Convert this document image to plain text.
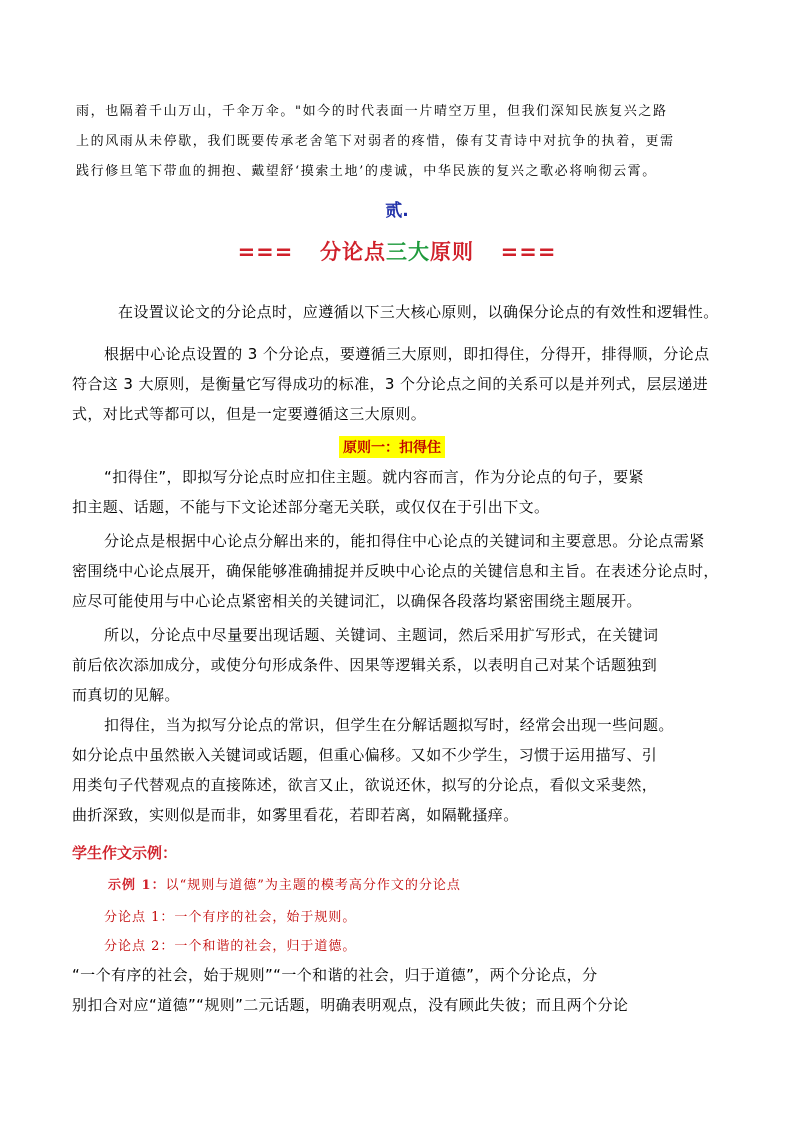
雨，也隔着千山万山，千伞万伞。"如今的时代表面一片晴空万里，但我们深知民族复兴之路
上的风雨从未停歇，我们既要传承老舍笔下对弱者的疼惜，傣有艾青诗中对抗争的执着，更需
践行修旦笔下带血的拥抱、戴望舒‘摸索土地’的虔诚，中华民族的复兴之歌必将响彻云霄。
贰.
=== 分论点三大原则 ===
在设置议论文的分论点时，应遵循以下三大核心原则，以确保分论点的有效性和逻辑性。
根据中心论点设置的 3 个分论点，要遵循三大原则，即扣得住，分得开，排得顺，分论点
符合这 3 大原则，是衡量它写得成功的标准，3 个分论点之间的关系可以是并列式，层层递进
式，对比式等都可以，但是一定要遵循这三大原则。
原则一：扣得住
“扣得住”，即拟写分论点时应扣住主题。就内容而言，作为分论点的句子，要紧
扣主题、话题，不能与下文论述部分毫无关联，或仅仅在于引出下文。
分论点是根据中心论点分解出来的，能扣得住中心论点的关键词和主要意思。分论点需紧
密围绕中心论点展开，确保能够准确捕捉并反映中心论点的关键信息和主旨。在表述分论点时，
应尽可能使用与中心论点紧密相关的关键词汇，以确保各段落均紧密围绕主题展开。
所以，分论点中尽量要出现话题、关键词、主题词，然后采用扩写形式，在关键词
前后依次添加成分，或使分句形成条件、因果等逻辑关系，以表明自己对某个话题独到
而真切的见解。
扣得住，当为拟写分论点的常识，但学生在分解话题拟写时，经常会出现一些问题。
如分论点中虽然嵌入关键词或话题，但重心偏移。又如不少学生，习惯于运用描写、引
用类句子代替观点的直接陈述，欲言又止，欲说还休，拟写的分论点，看似文采斐然，
曲折深致，实则似是而非，如雾里看花，若即若离，如隔靴搔痒。
学生作文示例：
示例 1：以“规则与道德”为主题的模考高分作文的分论点
分论点 1：一个有序的社会，始于规则。
分论点 2：一个和谐的社会，归于道德。
“一个有序的社会，始于规则”“一个和谐的社会，归于道德”，两个分论点，分
别扣合对应“道德”“规则”二元话题，明确表明观点，没有顾此失彼；而且两个分论
